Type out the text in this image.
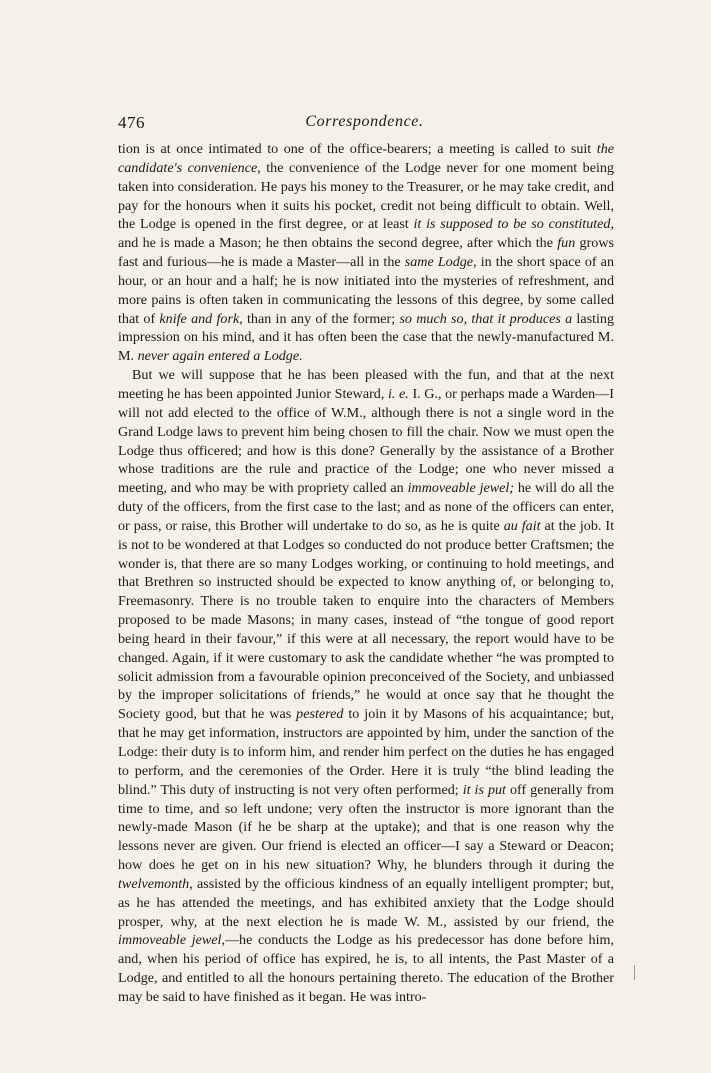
476	Correspondence.

tion is at once intimated to one of the office-bearers; a meeting is called to suit the candidate's convenience, the convenience of the Lodge never for one moment being taken into consideration. He pays his money to the Treasurer, or he may take credit, and pay for the honours when it suits his pocket, credit not being difficult to obtain. Well, the Lodge is opened in the first degree, or at least it is supposed to be so constituted, and he is made a Mason; he then obtains the second degree, after which the fun grows fast and furious—he is made a Master—all in the same Lodge, in the short space of an hour, or an hour and a half; he is now initiated into the mysteries of refreshment, and more pains is often taken in communicating the lessons of this degree, by some called that of knife and fork, than in any of the former; so much so, that it produces a lasting impression on his mind, and it has often been the case that the newly-manufactured M. M. never again entered a Lodge.

But we will suppose that he has been pleased with the fun, and that at the next meeting he has been appointed Junior Steward, i. e. I. G., or perhaps made a Warden—I will not add elected to the office of W.M., although there is not a single word in the Grand Lodge laws to prevent him being chosen to fill the chair. Now we must open the Lodge thus officered; and how is this done? Generally by the assistance of a Brother whose traditions are the rule and practice of the Lodge; one who never missed a meeting, and who may be with propriety called an immoveable jewel; he will do all the duty of the officers, from the first case to the last; and as none of the officers can enter, or pass, or raise, this Brother will undertake to do so, as he is quite au fait at the job. It is not to be wondered at that Lodges so conducted do not produce better Craftsmen; the wonder is, that there are so many Lodges working, or continuing to hold meetings, and that Brethren so instructed should be expected to know anything of, or belonging to, Freemasonry. There is no trouble taken to enquire into the characters of Members proposed to be made Masons; in many cases, instead of “the tongue of good report being heard in their favour,” if this were at all necessary, the report would have to be changed. Again, if it were customary to ask the candidate whether “he was prompted to solicit admission from a favourable opinion preconceived of the Society, and unbiassed by the improper solicitations of friends,” he would at once say that he thought the Society good, but that he was pestered to join it by Masons of his acquaintance; but, that he may get information, instructors are appointed by him, under the sanction of the Lodge: their duty is to inform him, and render him perfect on the duties he has engaged to perform, and the ceremonies of the Order. Here it is truly “the blind leading the blind.” This duty of instructing is not very often performed; it is put off generally from time to time, and so left undone; very often the instructor is more ignorant than the newly-made Mason (if he be sharp at the uptake); and that is one reason why the lessons never are given. Our friend is elected an officer—I say a Steward or Deacon; how does he get on in his new situation? Why, he blunders through it during the twelvemonth, assisted by the officious kindness of an equally intelligent prompter; but, as he has attended the meetings, and has exhibited anxiety that the Lodge should prosper, why, at the next election he is made W. M., assisted by our friend, the immoveable jewel,—he conducts the Lodge as his predecessor has done before him, and, when his period of office has expired, he is, to all intents, the Past Master of a Lodge, and entitled to all the honours pertaining thereto. The education of the Brother may be said to have finished as it began. He was intro-
